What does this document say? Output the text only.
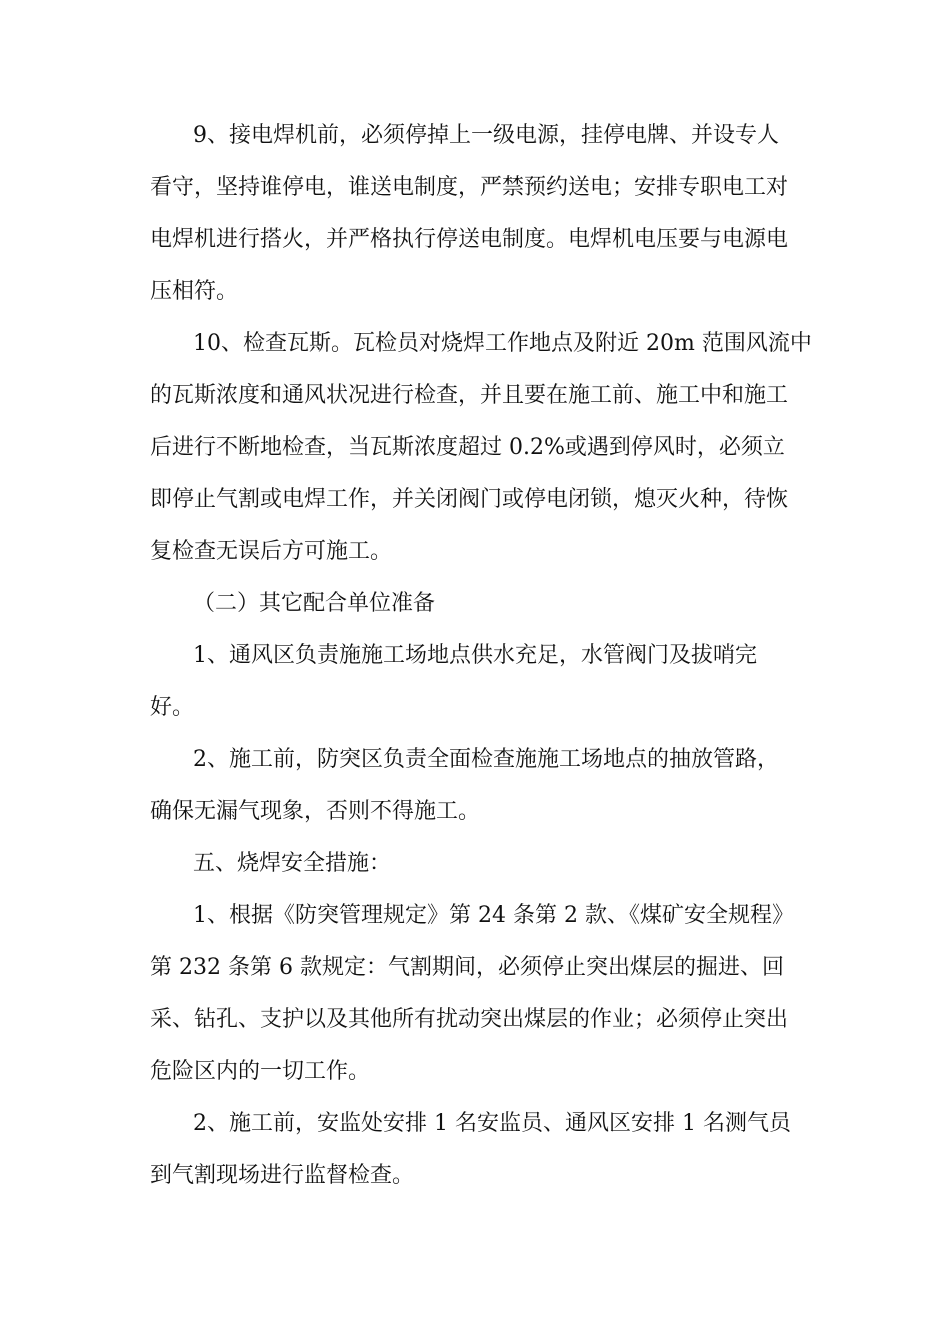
9、接电焊机前，必须停掉上一级电源，挂停电牌、并设专人
看守，坚持谁停电，谁送电制度，严禁预约送电；安排专职电工对
电焊机进行搭火，并严格执行停送电制度。电焊机电压要与电源电
压相符。
10、检查瓦斯。瓦检员对烧焊工作地点及附近 20m 范围风流中
的瓦斯浓度和通风状况进行检查，并且要在施工前、施工中和施工
后进行不断地检查，当瓦斯浓度超过 0.2%或遇到停风时，必须立
即停止气割或电焊工作，并关闭阀门或停电闭锁，熄灭火种，待恢
复检查无误后方可施工。
（二）其它配合单位准备
1、通风区负责施施工场地点供水充足，水管阀门及拔哨完
好。
2、施工前，防突区负责全面检查施施工场地点的抽放管路，
确保无漏气现象，否则不得施工。
五、烧焊安全措施：
1、根据《防突管理规定》第 24 条第 2 款、《煤矿安全规程》
第 232 条第 6 款规定：气割期间，必须停止突出煤层的掘进、回
采、钻孔、支护以及其他所有扰动突出煤层的作业；必须停止突出
危险区内的一切工作。
2、施工前，安监处安排 1 名安监员、通风区安排 1 名测气员
到气割现场进行监督检查。
